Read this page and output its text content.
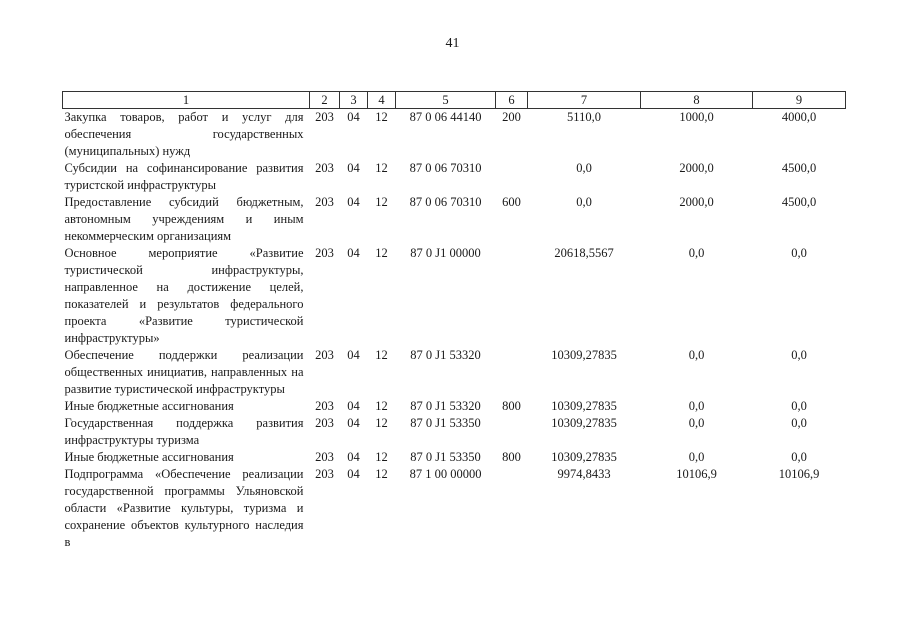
41
1	2	3	4	5	6	7	8	9
Закупка товаров, работ и услуг для обеспечения государственных (муниципальных) нужд	203	04	12	87 0 06 44140	200	5110,0	1000,0	4000,0
Субсидии на софинансирование развития туристской инфраструктуры	203	04	12	87 0 06 70310		0,0	2000,0	4500,0
Предоставление субсидий бюджетным, автономным учреждениям и иным некоммерческим организациям	203	04	12	87 0 06 70310	600	0,0	2000,0	4500,0
Основное мероприятие «Развитие туристической инфраструктуры, направленное на достижение целей, показателей и результатов федерального проекта «Развитие туристической инфраструктуры»	203	04	12	87 0 J1 00000		20618,5567	0,0	0,0
Обеспечение поддержки реализации общественных инициатив, направленных на развитие туристической инфраструктуры	203	04	12	87 0 J1 53320		10309,27835	0,0	0,0
Иные бюджетные ассигнования	203	04	12	87 0 J1 53320	800	10309,27835	0,0	0,0
Государственная поддержка развития инфраструктуры туризма	203	04	12	87 0 J1 53350		10309,27835	0,0	0,0
Иные бюджетные ассигнования	203	04	12	87 0 J1 53350	800	10309,27835	0,0	0,0
Подпрограмма «Обеспечение реализации государственной программы Ульяновской области «Развитие культуры, туризма и сохранение объектов культурного наследия в	203	04	12	87 1 00 00000		9974,8433	10106,9	10106,9
